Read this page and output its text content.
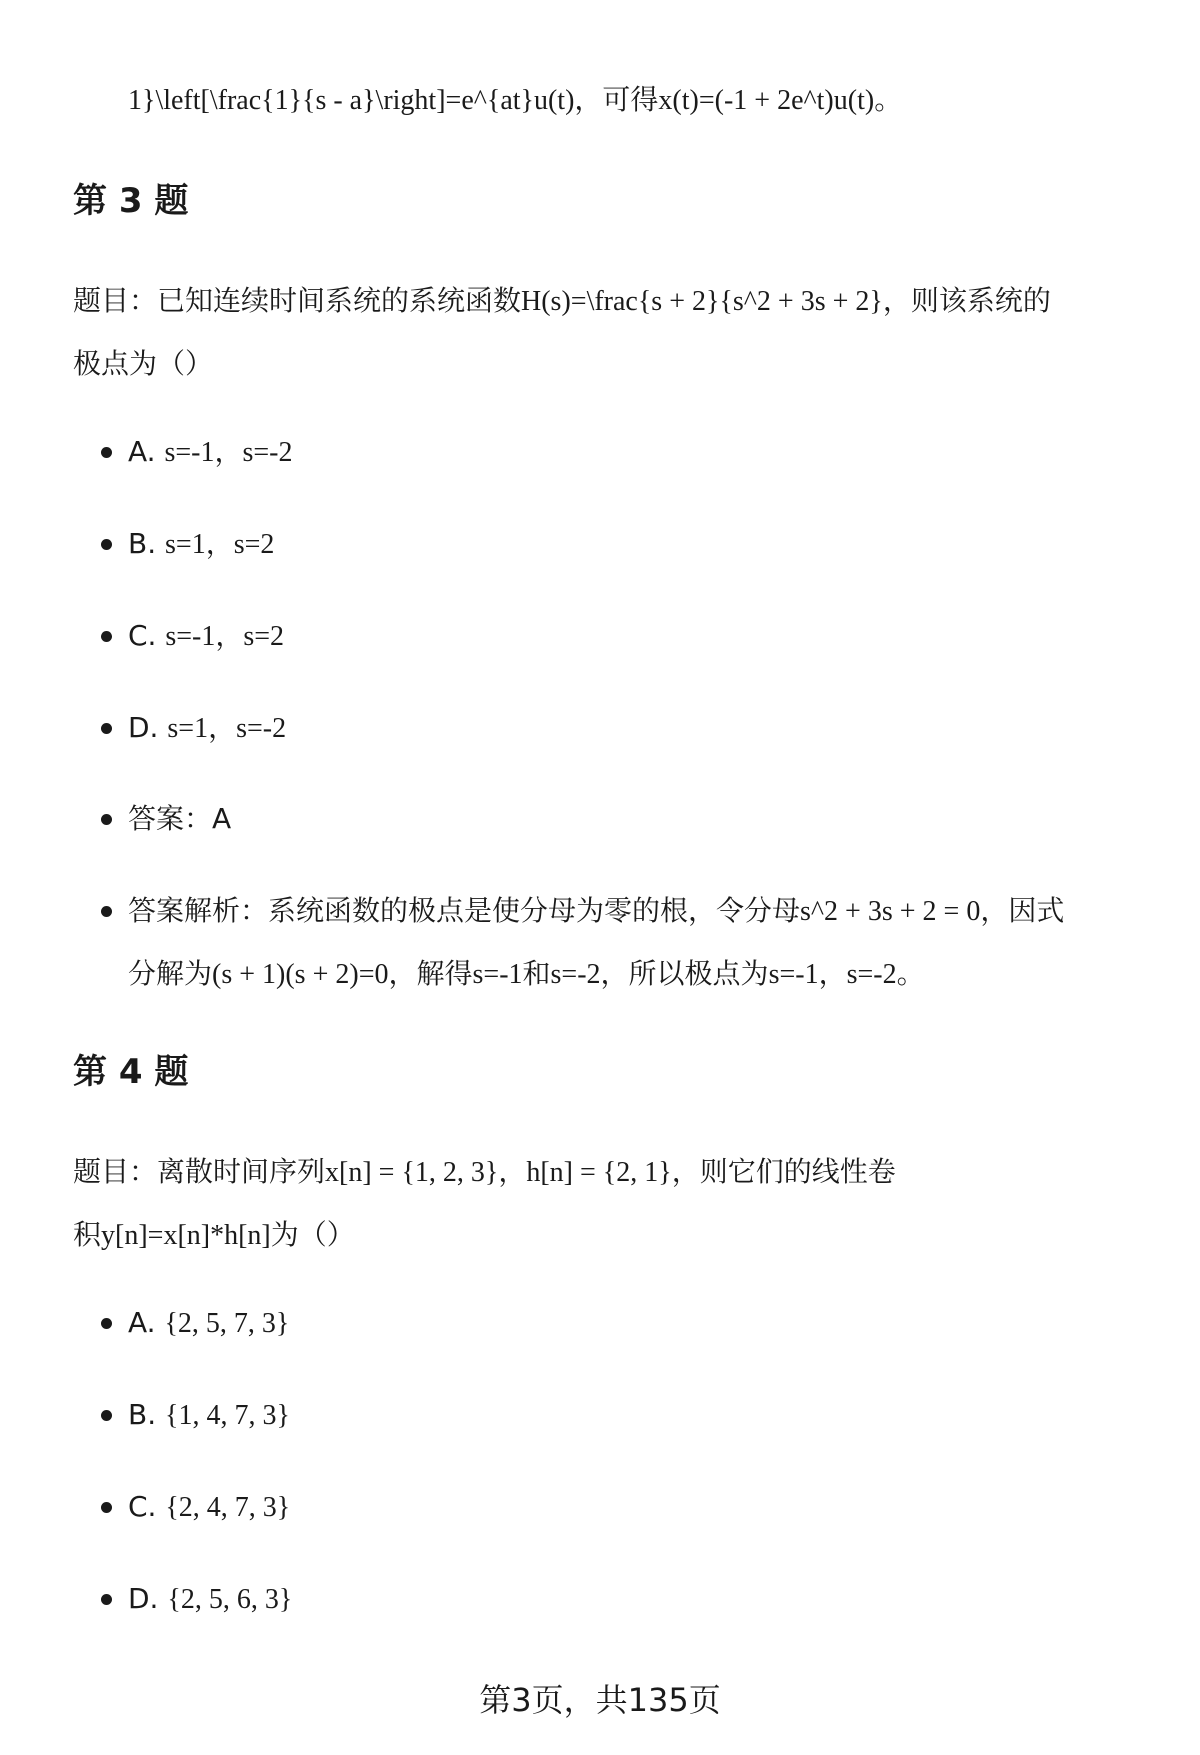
1}\left[\frac{1}{s - a}\right]=e^{at}u(t)，可得x(t)=(-1 + 2e^t)u(t)。
第 3 题

题目：已知连续时间系统的系统函数H(s)=\frac{s + 2}{s^2 + 3s + 2}，则该系统的
极点为（）

A. s=-1，s=-2
B. s=1，s=2
C. s=-1，s=2
D. s=1，s=-2
答案：A
答案解析：系统函数的极点是使分母为零的根，令分母s^2 + 3s + 2 = 0，因式
分解为(s + 1)(s + 2)=0，解得s=-1和s=-2，所以极点为s=-1，s=-2。
第 4 题

题目：离散时间序列x[n] = {1, 2, 3}，h[n] = {2, 1}，则它们的线性卷
积y[n]=x[n]*h[n]为（）

A. {2, 5, 7, 3}
B. {1, 4, 7, 3}
C. {2, 4, 7, 3}
D. {2, 5, 6, 3}
第3页，共135页
